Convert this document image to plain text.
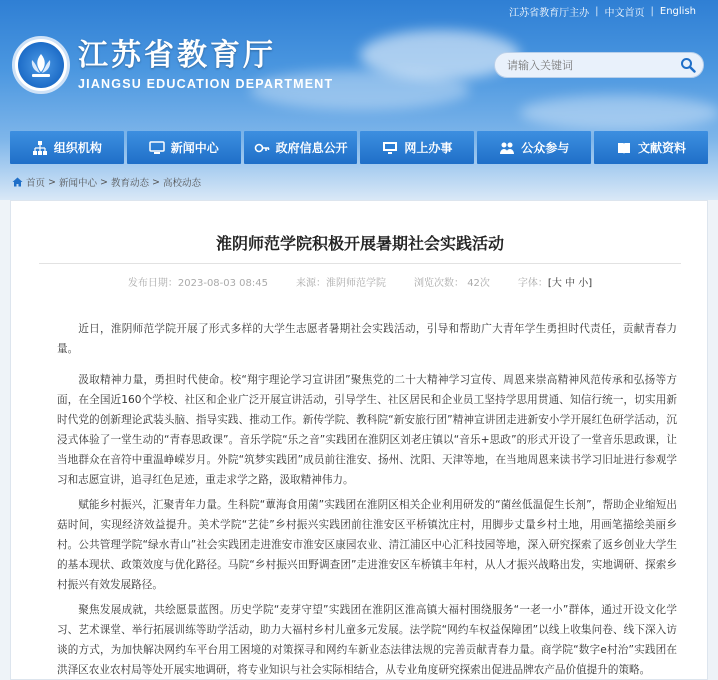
江苏省教育厅主办 | 中文首页 | English
江苏省教育厅
JIANGSU EDUCATION DEPARTMENT
请输入关键词
组织机构	新闻中心	政府信息公开	网上办事	公众参与	文献资料
首页 > 新闻中心 > 教育动态 > 高校动态
淮阴师范学院积极开展暑期社会实践活动
发布日期：2023-08-03 08:45	来源：淮阴师范学院	浏览次数： 42次	字体：[大 中 小]

近日，淮阴师范学院开展了形式多样的大学生志愿者暑期社会实践活动，引导和帮助广大青年学生勇担时代责任，贡献青春力量。

汲取精神力量，勇担时代使命。校“翔宇理论学习宣讲团”聚焦党的二十大精神学习宣传、周恩来崇高精神风范传承和弘扬等方面，在全国近160个学校、社区和企业广泛开展宣讲活动，引导学生、社区居民和企业员工坚持学思用贯通、知信行统一，切实用新时代党的创新理论武装头脑、指导实践、推动工作。新传学院、教科院“新安旅行团”精神宣讲团走进新安小学开展红色研学活动，沉浸式体验了一堂生动的“青春思政课”。音乐学院“乐之音”实践团在淮阴区刘老庄镇以“音乐+思政”的形式开设了一堂音乐思政课，让当地群众在音符中重温峥嵘岁月。外院“筑梦实践团”成员前往淮安、扬州、沈阳、天津等地，在当地周恩来读书学习旧址进行参观学习和志愿宣讲，追寻红色足迹，重走求学之路，汲取精神伟力。

赋能乡村振兴，汇聚青年力量。生科院“蕈海食用菌”实践团在淮阴区相关企业利用研发的“菌丝低温促生长剂”，帮助企业缩短出菇时间，实现经济效益提升。美术学院“艺徒”乡村振兴实践团前往淮安区平桥镇沈庄村，用脚步丈量乡村土地，用画笔描绘美丽乡村。公共管理学院“绿水青山”社会实践团走进淮安市淮安区康园农业、清江浦区中心汇科技园等地，深入研究探索了返乡创业大学生的基本现状、政策效度与优化路径。马院“乡村振兴田野调查团”走进淮安区车桥镇丰年村，从人才振兴战略出发，实地调研、探索乡村振兴有效发展路径。

聚焦发展成就，共绘愿景蓝图。历史学院“麦芽守望”实践团在淮阴区淮高镇大福村围绕服务“一老一小”群体，通过开设文化学习、艺术课堂、举行拓展训练等助学活动，助力大福村乡村儿童多元发展。法学院“网约车权益保障团”以线上收集问卷、线下深入访谈的方式，为加快解决网约车平台用工困境的对策探寻和网约车新业态法律法规的完善贡献青春力量。商学院“数字e村治”实践团在洪泽区农业农村局等处开展实地调研，将专业知识与社会实际相结合，从专业角度研究探索出促进品牌农产品价值提升的策略。
